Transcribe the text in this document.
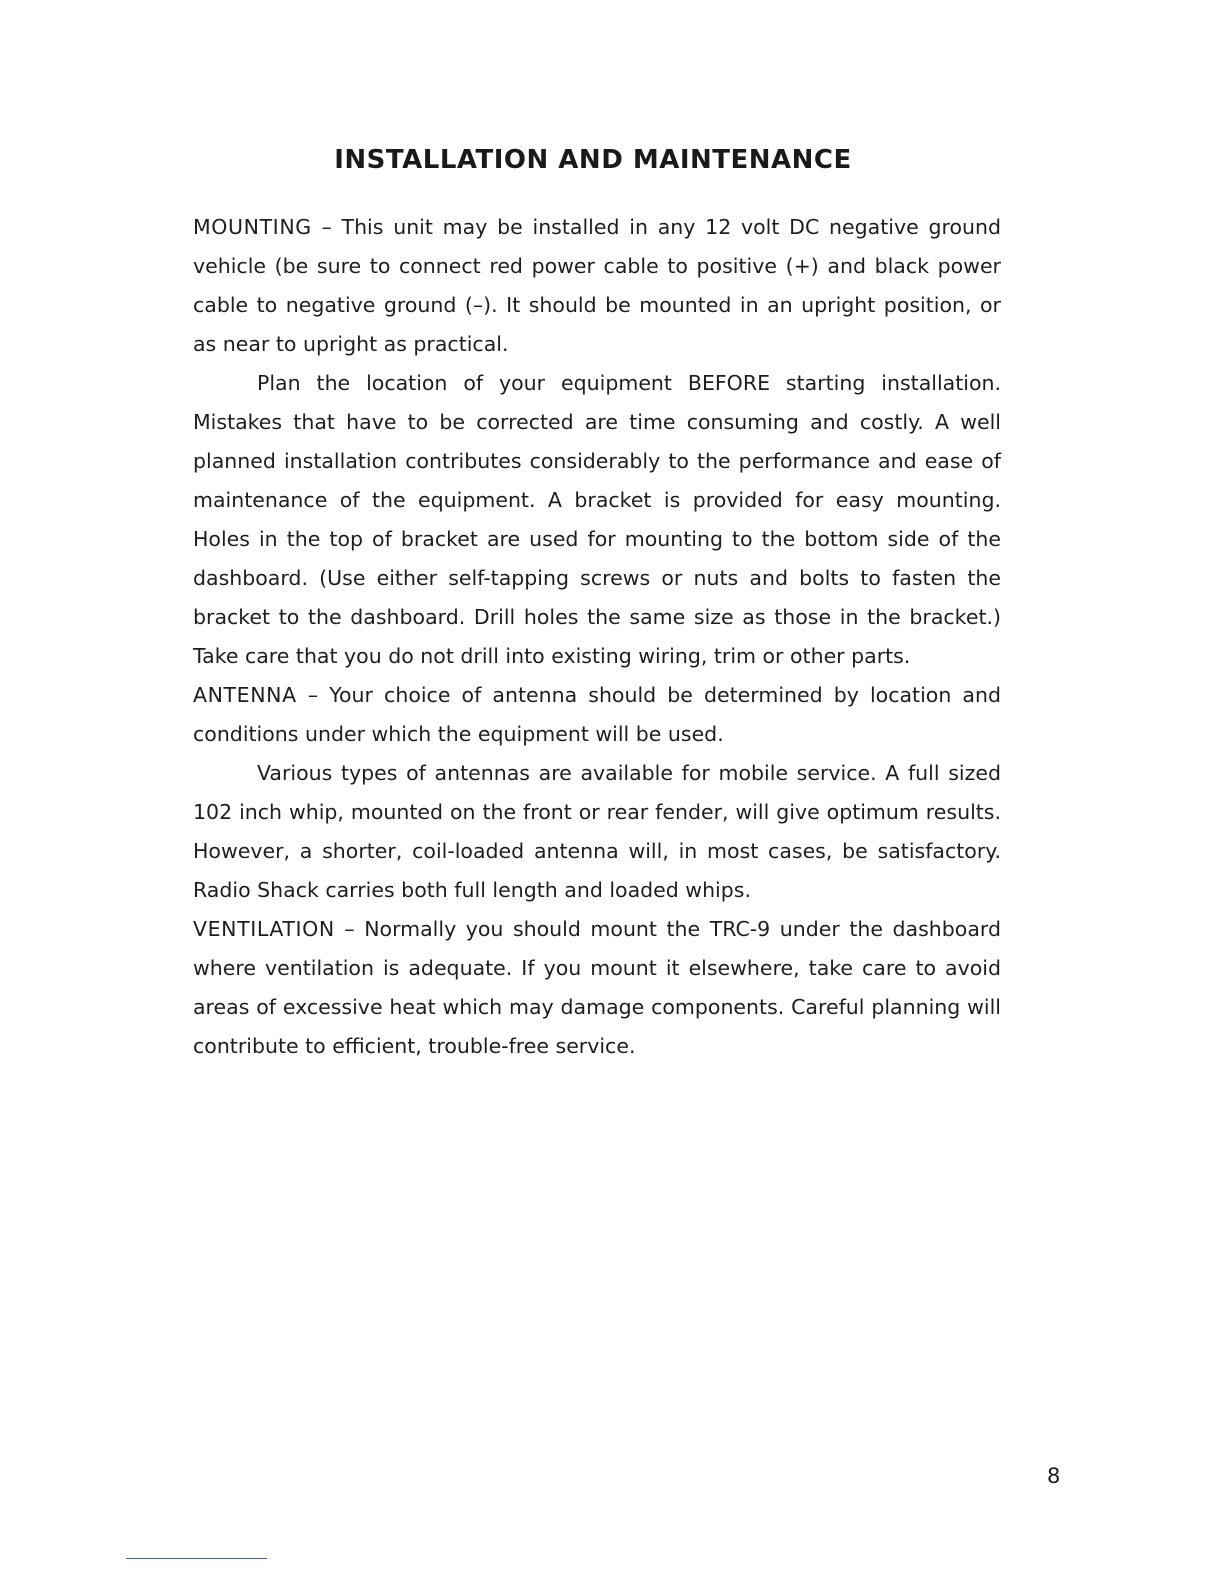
INSTALLATION AND MAINTENANCE

MOUNTING – This unit may be installed in any 12 volt DC negative ground vehicle (be sure to connect red power cable to positive (+) and black power cable to negative ground (–). It should be mounted in an upright position, or as near to upright as practical.

Plan the location of your equipment BEFORE starting installation. Mistakes that have to be corrected are time consuming and costly. A well planned installation contributes considerably to the performance and ease of maintenance of the equipment. A bracket is provided for easy mounting. Holes in the top of bracket are used for mounting to the bottom side of the dashboard. (Use either self-tapping screws or nuts and bolts to fasten the bracket to the dashboard. Drill holes the same size as those in the bracket.) Take care that you do not drill into existing wiring, trim or other parts.

ANTENNA – Your choice of antenna should be determined by location and conditions under which the equipment will be used.

Various types of antennas are available for mobile service. A full sized 102 inch whip, mounted on the front or rear fender, will give optimum results. However, a shorter, coil-loaded antenna will, in most cases, be satisfactory. Radio Shack carries both full length and loaded whips.

VENTILATION – Normally you should mount the TRC-9 under the dashboard where ventilation is adequate. If you mount it elsewhere, take care to avoid areas of excessive heat which may damage components. Careful planning will contribute to efficient, trouble-free service.

8
